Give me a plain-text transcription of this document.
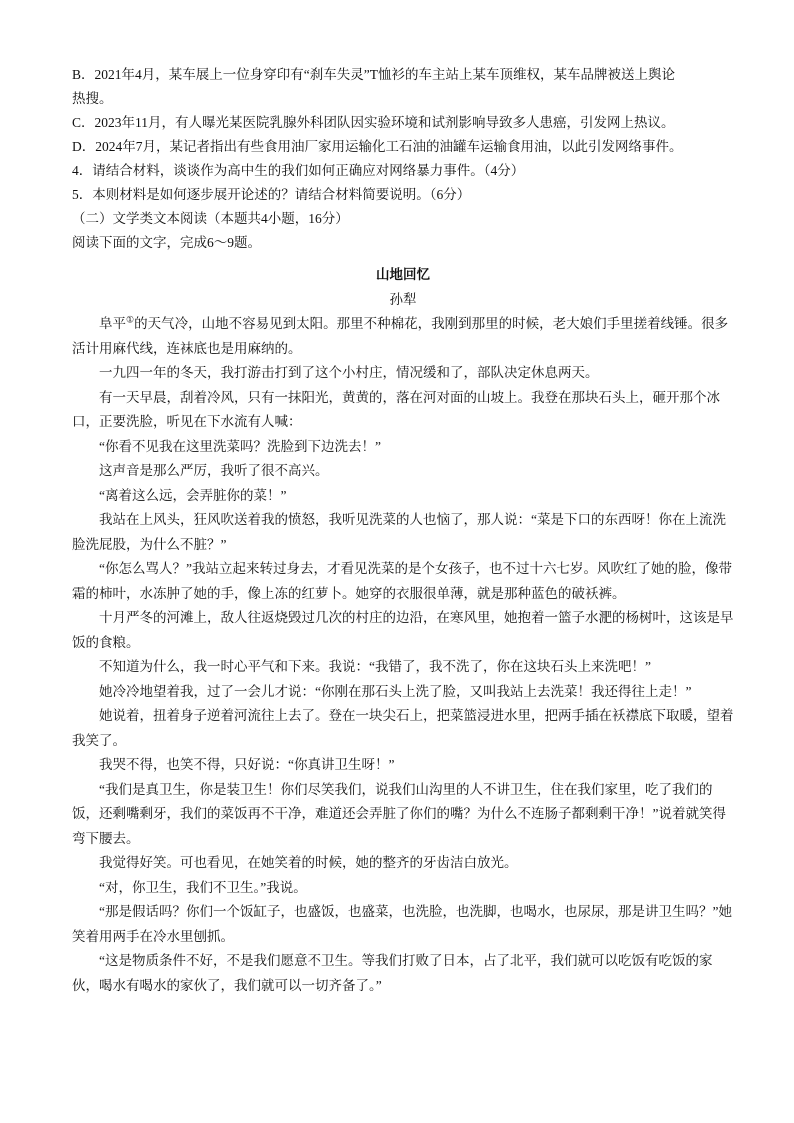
B．2021年4月，某车展上一位身穿印有“刹车失灵”T恤衫的车主站上某车顶维权，某车品牌被送上舆论

热搜。

C．2023年11月，有人曝光某医院乳腺外科团队因实验环境和试剂影响导致多人患癌，引发网上热议。

D．2024年7月，某记者指出有些食用油厂家用运输化工石油的油罐车运输食用油，以此引发网络事件。

4．请结合材料，谈谈作为高中生的我们如何正确应对网络暴力事件。（4分）

5．本则材料是如何逐步展开论述的？请结合材料简要说明。（6分）

（二）文学类文本阅读（本题共4小题，16分）

阅读下面的文字，完成6～9题。

山地回忆

孙犁

阜平①的天气冷，山地不容易见到太阳。那里不种棉花，我刚到那里的时候，老大娘们手里搓着线锤。很多活计用麻代线，连袜底也是用麻纳的。

一九四一年的冬天，我打游击打到了这个小村庄，情况缓和了，部队决定休息两天。

有一天早晨，刮着冷风，只有一抹阳光，黄黄的，落在河对面的山坡上。我登在那块石头上，砸开那个冰口，正要洗脸，听见在下水流有人喊：

“你看不见我在这里洗菜吗？洗脸到下边洗去！”

这声音是那么严厉，我听了很不高兴。

“离着这么远，会弄脏你的菜！”

我站在上风头，狂风吹送着我的愤怒，我听见洗菜的人也恼了，那人说：“菜是下口的东西呀！你在上流洗脸洗屁股，为什么不脏？”

“你怎么骂人？”我站立起来转过身去，才看见洗菜的是个女孩子，也不过十六七岁。风吹红了她的脸，像带霜的柿叶，水冻肿了她的手，像上冻的红萝卜。她穿的衣服很单薄，就是那种蓝色的破袄裤。

十月严冬的河滩上，敌人往返烧毁过几次的村庄的边沿，在寒风里，她抱着一篮子水淝的杨树叶，这该是早饭的食粮。

不知道为什么，我一时心平气和下来。我说：“我错了，我不洗了，你在这块石头上来洗吧！”

她冷冷地望着我，过了一会儿才说：“你刚在那石头上洗了脸，又叫我站上去洗菜！我还得往上走！”

她说着，扭着身子逆着河流往上去了。登在一块尖石上，把菜篮浸进水里，把两手插在袄襟底下取暖，望着我笑了。

我哭不得，也笑不得，只好说：“你真讲卫生呀！”

“我们是真卫生，你是装卫生！你们尽笑我们，说我们山沟里的人不讲卫生，住在我们家里，吃了我们的饭，还剩嘴剩牙，我们的菜饭再不干净，难道还会弄脏了你们的嘴？为什么不连肠子都剩剩干净！”说着就笑得弯下腰去。

我觉得好笑。可也看见，在她笑着的时候，她的整齐的牙齿洁白放光。

“对，你卫生，我们不卫生。”我说。

“那是假话吗？你们一个饭缸子，也盛饭，也盛菜，也洗脸，也洗脚，也喝水，也尿尿，那是讲卫生吗？”她笑着用两手在冷水里刨抓。

“这是物质条件不好，不是我们愿意不卫生。等我们打败了日本，占了北平，我们就可以吃饭有吃饭的家伙，喝水有喝水的家伙了，我们就可以一切齐备了。”
